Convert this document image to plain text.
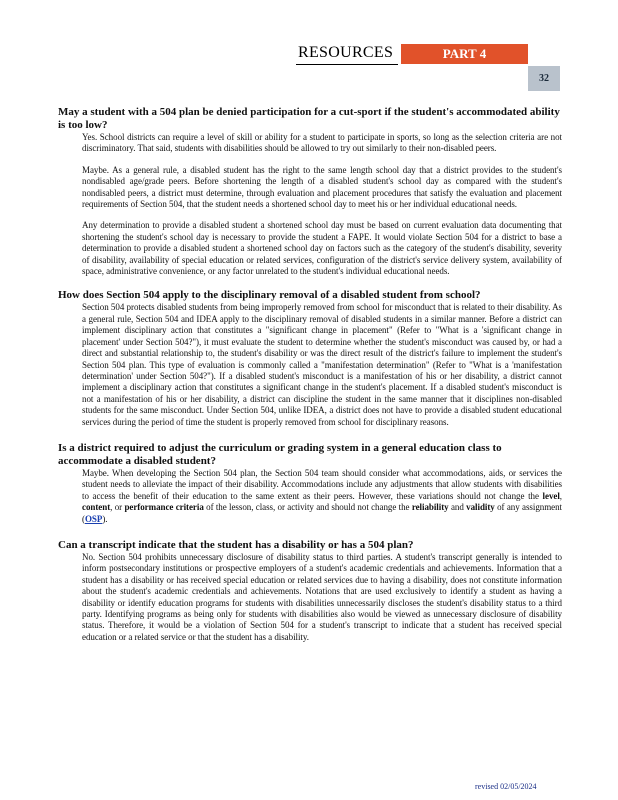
RESOURCES	PART 4
32

May a student with a 504 plan be denied participation for a cut-sport if the student's accommodated ability is too low?

Yes. School districts can require a level of skill or ability for a student to participate in sports, so long as the selection criteria are not discriminatory. That said, students with disabilities should be allowed to try out similarly to their non-disabled peers.

Maybe. As a general rule, a disabled student has the right to the same length school day that a district provides to the student's nondisabled age/grade peers. Before shortening the length of a disabled student's school day as compared with the student's nondisabled peers, a district must determine, through evaluation and placement procedures that satisfy the evaluation and placement requirements of Section 504, that the student needs a shortened school day to meet his or her individual educational needs.

Any determination to provide a disabled student a shortened school day must be based on current evaluation data documenting that shortening the student's school day is necessary to provide the student a FAPE. It would violate Section 504 for a district to base a determination to provide a disabled student a shortened school day on factors such as the category of the student's disability, severity of disability, availability of special education or related services, configuration of the district's service delivery system, availability of space, administrative convenience, or any factor unrelated to the student's individual educational needs.

How does Section 504 apply to the disciplinary removal of a disabled student from school?

Section 504 protects disabled students from being improperly removed from school for misconduct that is related to their disability. As a general rule, Section 504 and IDEA apply to the disciplinary removal of disabled students in a similar manner. Before a district can implement disciplinary action that constitutes a "significant change in placement" (Refer to "What is a 'significant change in placement' under Section 504?"), it must evaluate the student to determine whether the student's misconduct was caused by, or had a direct and substantial relationship to, the student's disability or was the direct result of the district's failure to implement the student's Section 504 plan. This type of evaluation is commonly called a "manifestation determination" (Refer to "What is a 'manifestation determination' under Section 504?"). If a disabled student's misconduct is a manifestation of his or her disability, a district cannot implement a disciplinary action that constitutes a significant change in the student's placement. If a disabled student's misconduct is not a manifestation of his or her disability, a district can discipline the student in the same manner that it disciplines non-disabled students for the same misconduct. Under Section 504, unlike IDEA, a district does not have to provide a disabled student educational services during the period of time the student is properly removed from school for disciplinary reasons.

Is a district required to adjust the curriculum or grading system in a general education class to accommodate a disabled student?

Maybe. When developing the Section 504 plan, the Section 504 team should consider what accommodations, aids, or services the student needs to alleviate the impact of their disability. Accommodations include any adjustments that allow students with disabilities to access the benefit of their education to the same extent as their peers. However, these variations should not change the level, content, or performance criteria of the lesson, class, or activity and should not change the reliability and validity of any assignment (OSP).

Can a transcript indicate that the student has a disability or has a 504 plan?

No. Section 504 prohibits unnecessary disclosure of disability status to third parties. A student's transcript generally is intended to inform postsecondary institutions or prospective employers of a student's academic credentials and achievements. Information that a student has a disability or has received special education or related services due to having a disability, does not constitute information about the student's academic credentials and achievements. Notations that are used exclusively to identify a student as having a disability or identify education programs for students with disabilities unnecessarily discloses the student's disability status to a third party. Identifying programs as being only for students with disabilities also would be viewed as unnecessary disclosure of disability status. Therefore, it would be a violation of Section 504 for a student's transcript to indicate that a student has received special education or a related service or that the student has a disability.

revised 02/05/2024
